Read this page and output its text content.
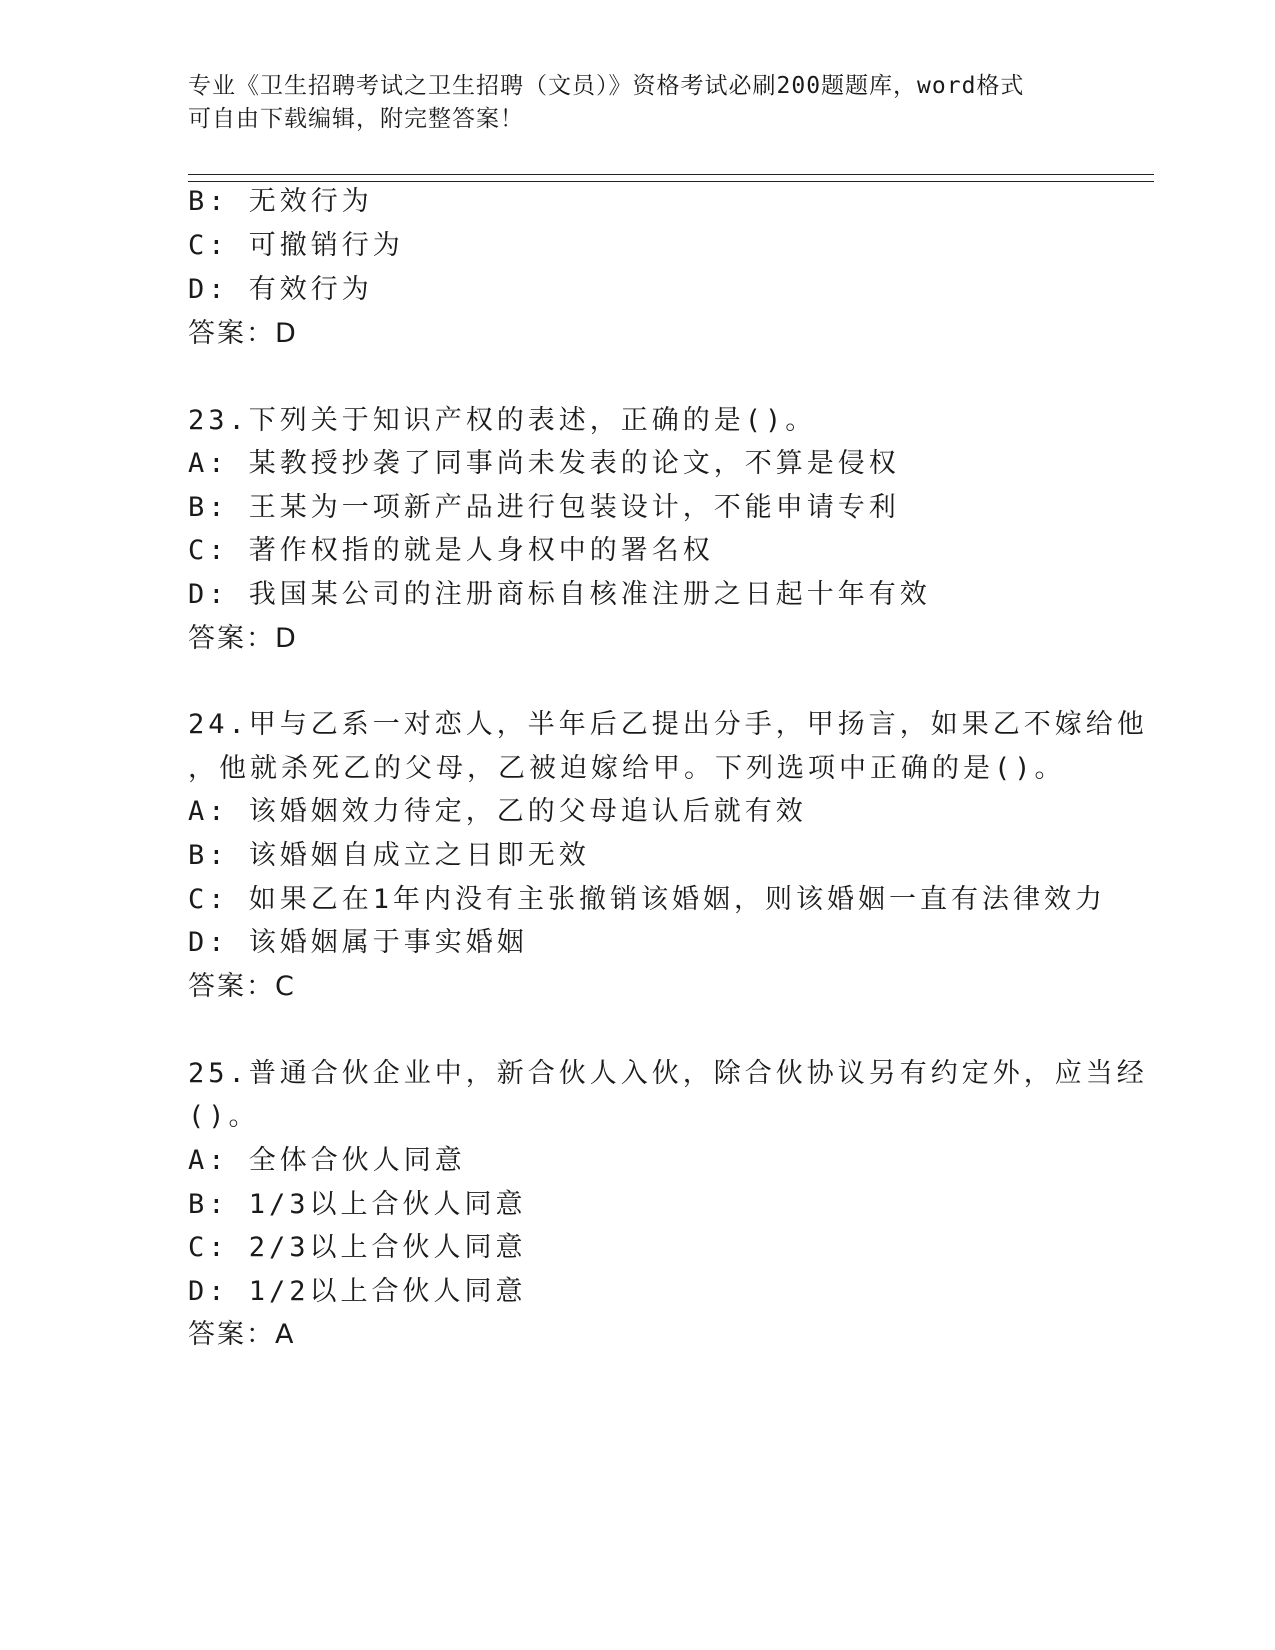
专业《卫生招聘考试之卫生招聘（文员）》资格考试必刷200题题库，word格式
可自由下载编辑，附完整答案！
B: 无效行为
C: 可撤销行为
D: 有效行为
答案：D
23.下列关于知识产权的表述，正确的是()。
A: 某教授抄袭了同事尚未发表的论文，不算是侵权
B: 王某为一项新产品进行包装设计，不能申请专利
C: 著作权指的就是人身权中的署名权
D: 我国某公司的注册商标自核准注册之日起十年有效
答案：D
24.甲与乙系一对恋人，半年后乙提出分手，甲扬言，如果乙不嫁给他
，他就杀死乙的父母，乙被迫嫁给甲。下列选项中正确的是()。
A: 该婚姻效力待定，乙的父母追认后就有效
B: 该婚姻自成立之日即无效
C: 如果乙在1年内没有主张撤销该婚姻，则该婚姻一直有法律效力
D: 该婚姻属于事实婚姻
答案：C
25.普通合伙企业中，新合伙人入伙，除合伙协议另有约定外，应当经
()。
A: 全体合伙人同意
B: 1/3以上合伙人同意
C: 2/3以上合伙人同意
D: 1/2以上合伙人同意
答案：A
